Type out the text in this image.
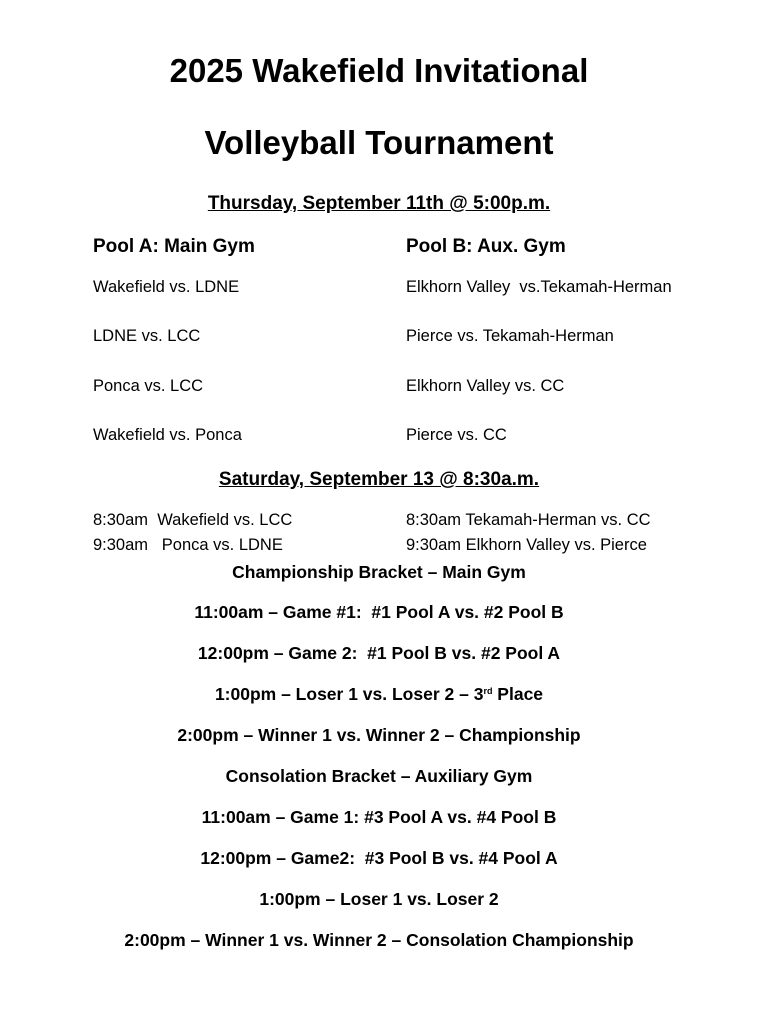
2025 Wakefield Invitational
Volleyball Tournament
Thursday, September 11th @ 5:00p.m.
Pool A: Main Gym	Pool B: Aux. Gym
Wakefield vs. LDNE
LDNE vs. LCC
Ponca vs. LCC
Wakefield vs. Ponca
Elkhorn Valley  vs.Tekamah-Herman
Pierce vs. Tekamah-Herman
Elkhorn Valley vs. CC
Pierce vs. CC
Saturday, September 13 @ 8:30a.m.
8:30am  Wakefield vs. LCC
9:30am   Ponca vs. LDNE
8:30am Tekamah-Herman vs. CC
9:30am Elkhorn Valley vs. Pierce
Championship Bracket – Main Gym
11:00am – Game #1:  #1 Pool A vs. #2 Pool B
12:00pm – Game 2:  #1 Pool B vs. #2 Pool A
1:00pm – Loser 1 vs. Loser 2 – 3rd Place
2:00pm – Winner 1 vs. Winner 2 – Championship
Consolation Bracket – Auxiliary Gym
11:00am – Game 1: #3 Pool A vs. #4 Pool B
12:00pm – Game2:  #3 Pool B vs. #4 Pool A
1:00pm – Loser 1 vs. Loser 2
2:00pm – Winner 1 vs. Winner 2 – Consolation Championship
